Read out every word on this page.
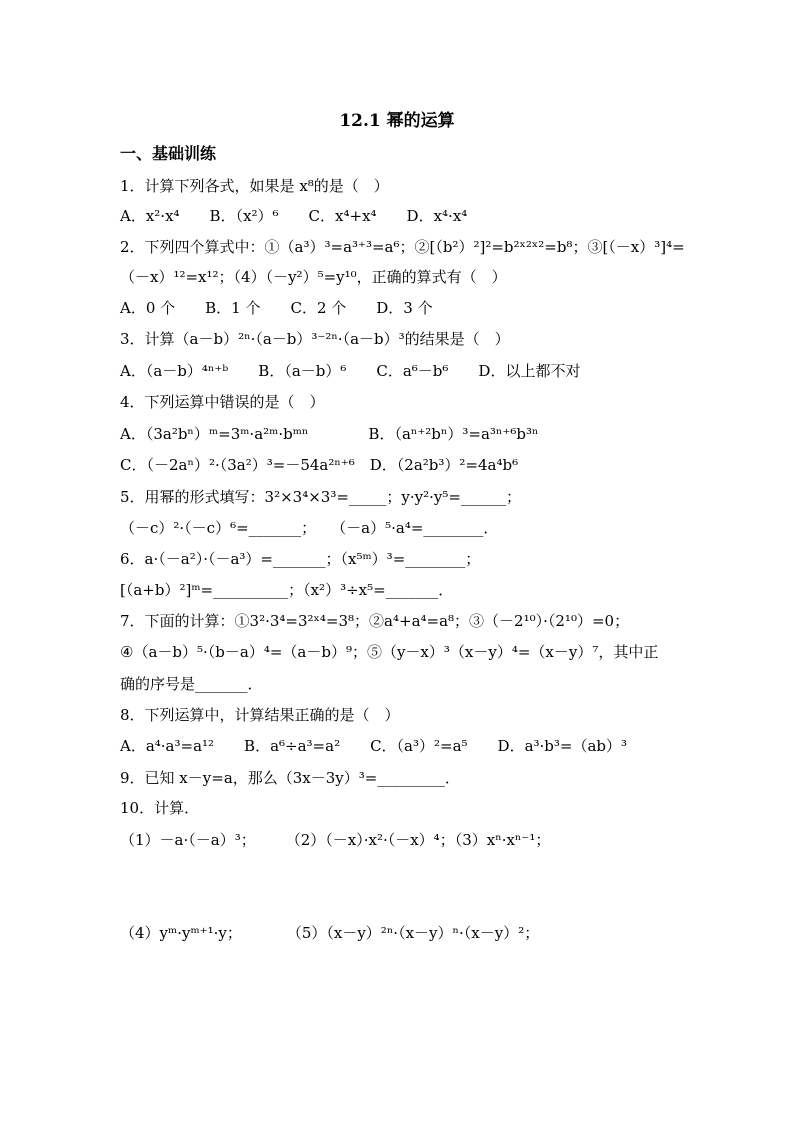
12.1 幂的运算
一、基础训练
1．计算下列各式，如果是 x⁸的是（　）
A．x²·x⁴　　B．（x²）⁶　　C．x⁴+x⁴　　D．x⁴·x⁴
2．下列四个算式中：①（a³）³=a³⁺³=a⁶；②[（b²）²]²=b²ˣ²ˣ²=b⁸；③[（－x）³]⁴=
（－x）¹²=x¹²；（4）（－y²）⁵=y¹⁰，正确的算式有（　）
A．0 个　　B．1 个　　C．2 个　　D．3 个
3．计算（a－b）²ⁿ·（a－b）³⁻²ⁿ·（a－b）³的结果是（　）
A．（a－b）⁴ⁿ⁺ᵇ　　B．（a－b）⁶　　C．a⁶－b⁶　　D．以上都不对
4．下列运算中错误的是（　）
A．（3a²bⁿ）ᵐ=3ᵐ·a²ᵐ·bᵐⁿ　　　　B．（aⁿ⁺²bⁿ）³=a³ⁿ⁺⁶b³ⁿ
C．（－2aⁿ）²·（3a²）³=－54a²ⁿ⁺⁶　D．（2a²b³）²=4a⁴b⁶
5．用幂的形式填写：3²×3⁴×3³=_____；y·y²·y⁵=______；
（－c）²·（－c）⁶=_______；　　（－a）⁵·a⁴=________．
6．a·（－a²）·（－a³）=_______；（x⁵ᵐ）³=________；
[（a+b）²]ᵐ=__________；（x²）³÷x⁵=_______．
7．下面的计算：①3²·3⁴=3²ˣ⁴=3⁸；②a⁴+a⁴=a⁸；③（－2¹⁰）·（2¹⁰）=0；
④（a－b）⁵·（b－a）⁴=（a－b）⁹；⑤（y－x）³（x－y）⁴=（x－y）⁷，其中正
确的序号是_______．
8．下列运算中，计算结果正确的是（　）
A．a⁴·a³=a¹²　　B．a⁶÷a³=a²　　C．（a³）²=a⁵　　D．a³·b³=（ab）³
9．已知 x－y=a，那么（3x－3y）³=_________．
10．计算．
（1）－a·（－a）³；　　　（2）（－x）·x²·（－x）⁴；（3）xⁿ·xⁿ⁻¹；
（4）yᵐ·yᵐ⁺¹·y；　　　　（5）（x－y）²ⁿ·（x－y）ⁿ·（x－y）²；
